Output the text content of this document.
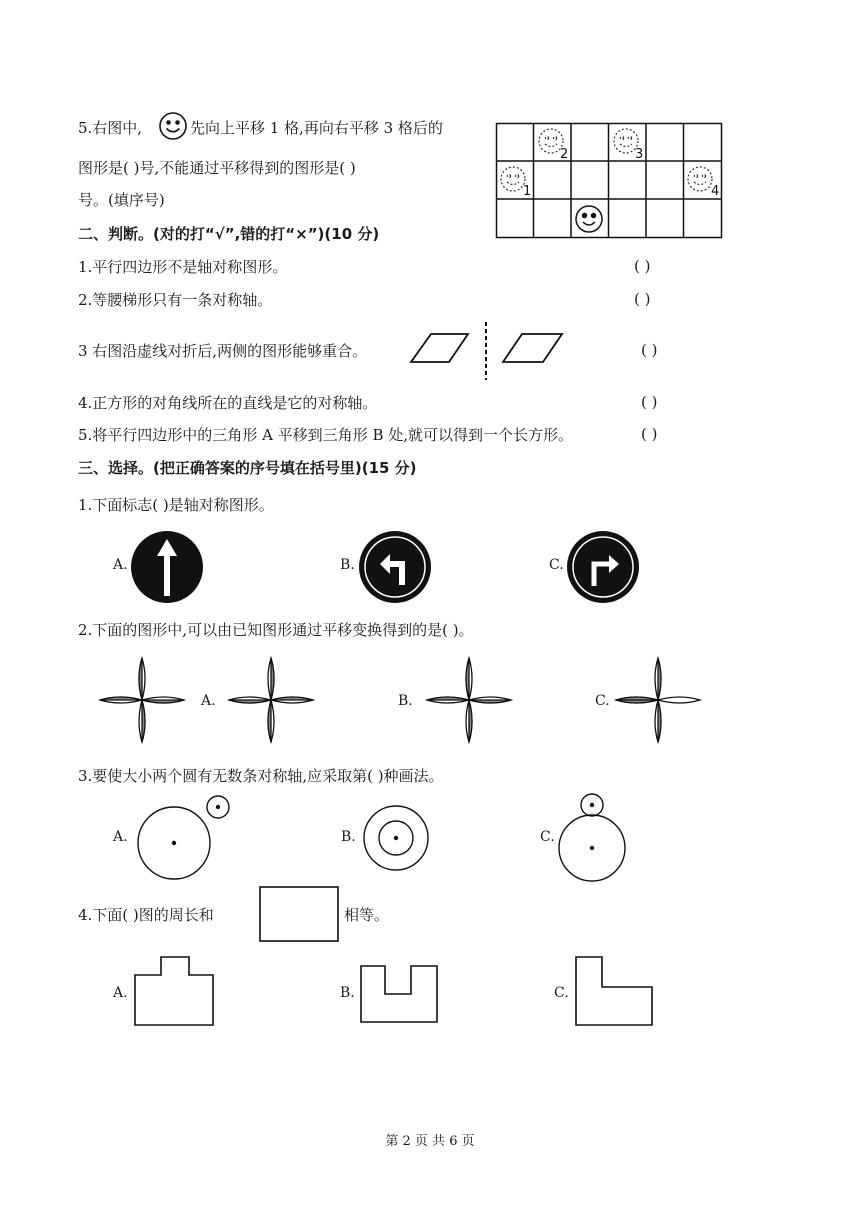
5.右图中,	先向上平移 1 格,再向右平移 3 格后的
图形是( )号,不能通过平移得到的图形是( )
号。(填序号)
2	3
1	4
二、判断。(对的打“√”,错的打“×”)(10 分)
1.平行四边形不是轴对称图形。	( )
2.等腰梯形只有一条对称轴。	( )
3 右图沿虚线对折后,两侧的图形能够重合。	( )
4.正方形的对角线所在的直线是它的对称轴。	( )
5.将平行四边形中的三角形 A 平移到三角形 B 处,就可以得到一个长方形。	( )
三、选择。(把正确答案的序号填在括号里)(15 分)
1.下面标志( )是轴对称图形。
A.	B.	C.
2.下面的图形中,可以由已知图形通过平移变换得到的是( )。
A.	B.	C.
3.要使大小两个圆有无数条对称轴,应采取第( )种画法。
A.	B.	C.
4.下面( )图的周长和	相等。
A.	B.	C.
第 2 页 共 6 页
